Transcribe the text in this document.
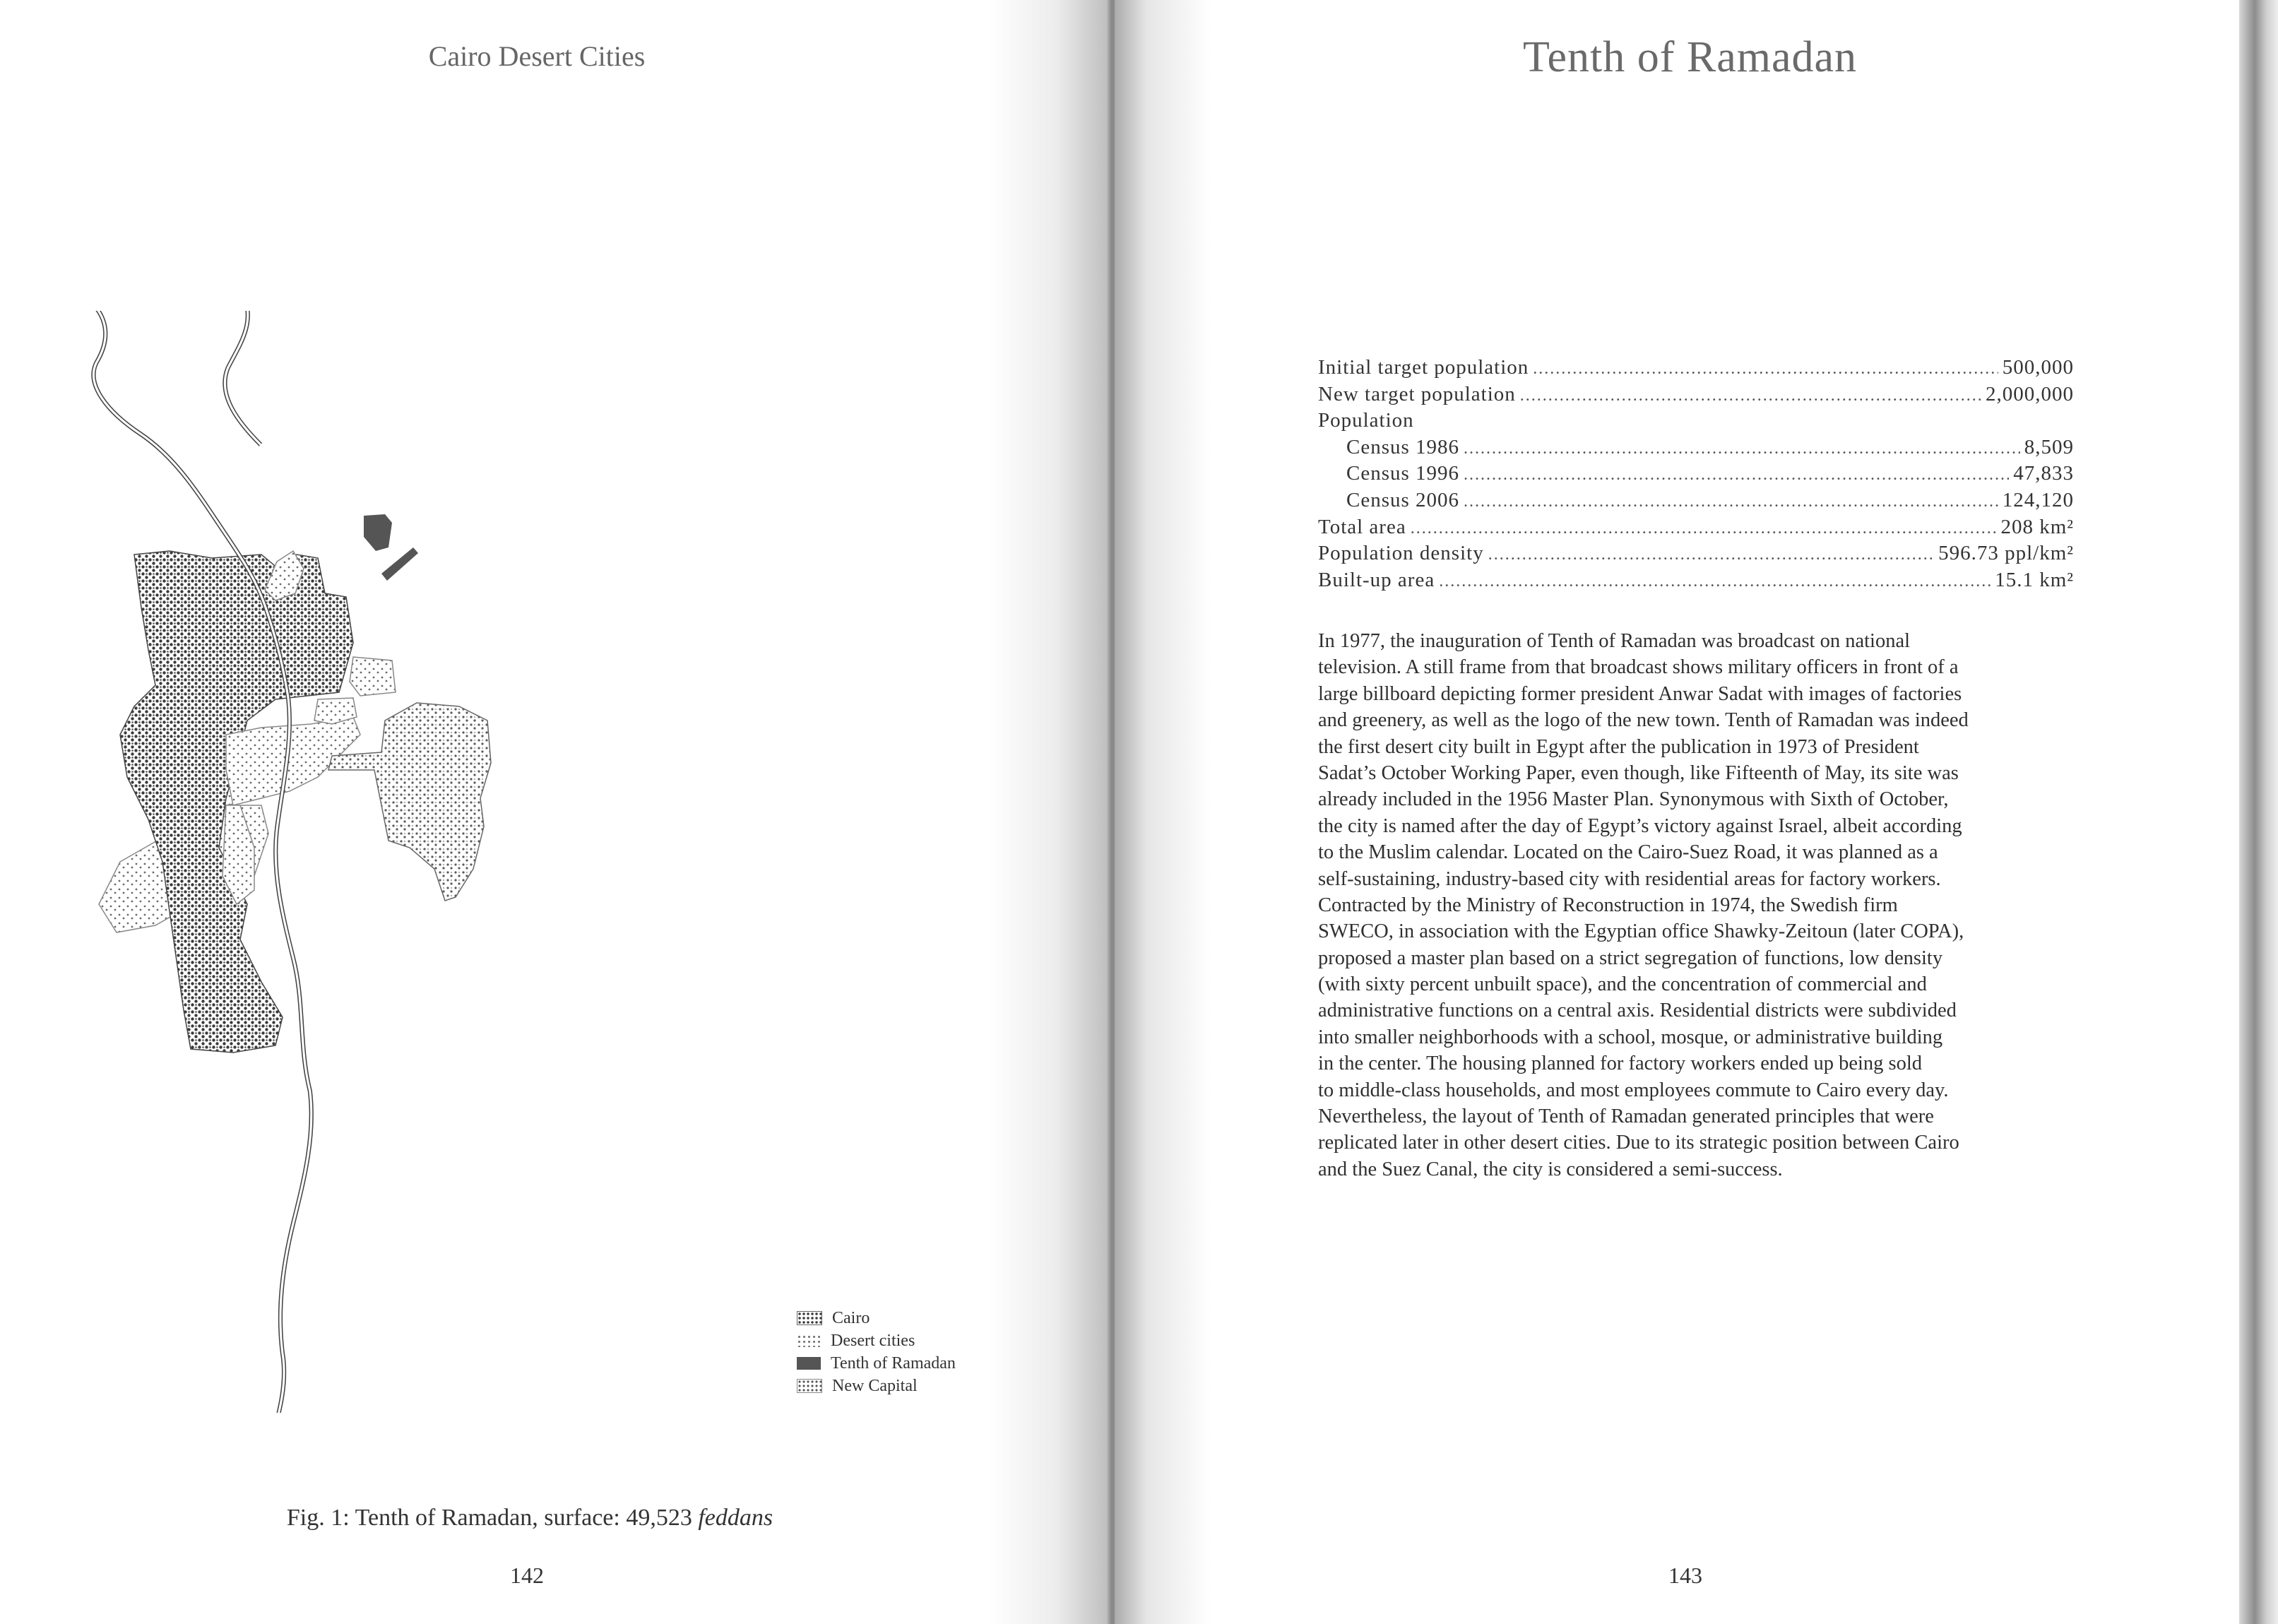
Cairo Desert Cities
Cairo
Desert cities
Tenth of Ramadan
New Capital
Fig. 1: Tenth of Ramadan, surface: 49,523 feddans
142
Tenth of Ramadan
Initial target population .....	500,000
New target population .....	2,000,000
Population
Census 1986 .....	8,509
Census 1996 .....	47,833
Census 2006 .....	124,120
Total area .....	208 km²
Population density .....	596.73 ppl/km²
Built-up area .....	15.1 km²
In 1977, the inauguration of Tenth of Ramadan was broadcast on national
television. A still frame from that broadcast shows military officers in front of a
large billboard depicting former president Anwar Sadat with images of factories
and greenery, as well as the logo of the new town. Tenth of Ramadan was indeed
the first desert city built in Egypt after the publication in 1973 of President
Sadat’s October Working Paper, even though, like Fifteenth of May, its site was
already included in the 1956 Master Plan. Synonymous with Sixth of October,
the city is named after the day of Egypt’s victory against Israel, albeit according
to the Muslim calendar. Located on the Cairo-Suez Road, it was planned as a
self-sustaining, industry-based city with residential areas for factory workers.
Contracted by the Ministry of Reconstruction in 1974, the Swedish firm
SWECO, in association with the Egyptian office Shawky-Zeitoun (later COPA),
proposed a master plan based on a strict segregation of functions, low density
(with sixty percent unbuilt space), and the concentration of commercial and
administrative functions on a central axis. Residential districts were subdivided
into smaller neighborhoods with a school, mosque, or administrative building
in the center. The housing planned for factory workers ended up being sold
to middle-class households, and most employees commute to Cairo every day.
Nevertheless, the layout of Tenth of Ramadan generated principles that were
replicated later in other desert cities. Due to its strategic position between Cairo
and the Suez Canal, the city is considered a semi-success.
143
